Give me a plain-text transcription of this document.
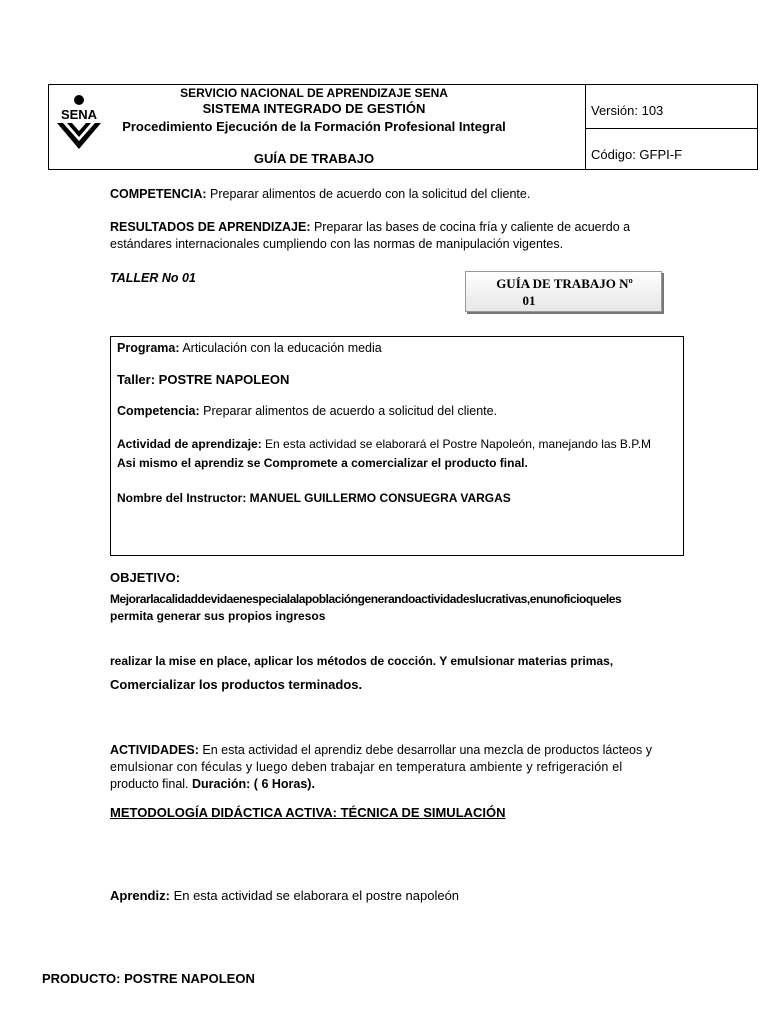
SENA
SERVICIO NACIONAL DE APRENDIZAJE SENA
SISTEMA INTEGRADO DE GESTIÓN
Procedimiento Ejecución de la Formación Profesional Integral
GUÍA DE TRABAJO
Versión: 103
Código: GFPI-F
COMPETENCIA: Preparar alimentos de acuerdo con la solicitud del cliente.
RESULTADOS DE APRENDIZAJE: Preparar las bases de cocina fría y caliente de acuerdo a
estándares internacionales cumpliendo con las normas de manipulación vigentes.
TALLER No 01	GUÍA DE TRABAJO Nº
01
Programa: Articulación con la educación media
Taller: POSTRE NAPOLEON
Competencia: Preparar alimentos de acuerdo a solicitud del cliente.
Actividad de aprendizaje: En esta actividad se elaborará el Postre Napoleón, manejando las B.P.M
Asi mismo el aprendiz se Compromete a comercializar el producto final.
Nombre del Instructor: MANUEL GUILLERMO CONSUEGRA VARGAS
OBJETIVO:
Mejorarlacalidaddevidaenespecialalapoblacióngenerandoactividadeslucrativas,enunoficioqueles
permita generar sus propios ingresos
realizar la mise en place, aplicar los métodos de cocción. Y emulsionar materias primas,
Comercializar los productos terminados.
ACTIVIDADES: En esta actividad el aprendiz debe desarrollar una mezcla de productos lácteos y
emulsionar con féculas y luego deben trabajar en temperatura ambiente y refrigeración el
producto final. Duración: ( 6 Horas).
METODOLOGÍA DIDÁCTICA ACTIVA: TÉCNICA DE SIMULACIÓN
Aprendiz: En esta actividad se elaborara el postre napoleón
PRODUCTO: POSTRE NAPOLEON
